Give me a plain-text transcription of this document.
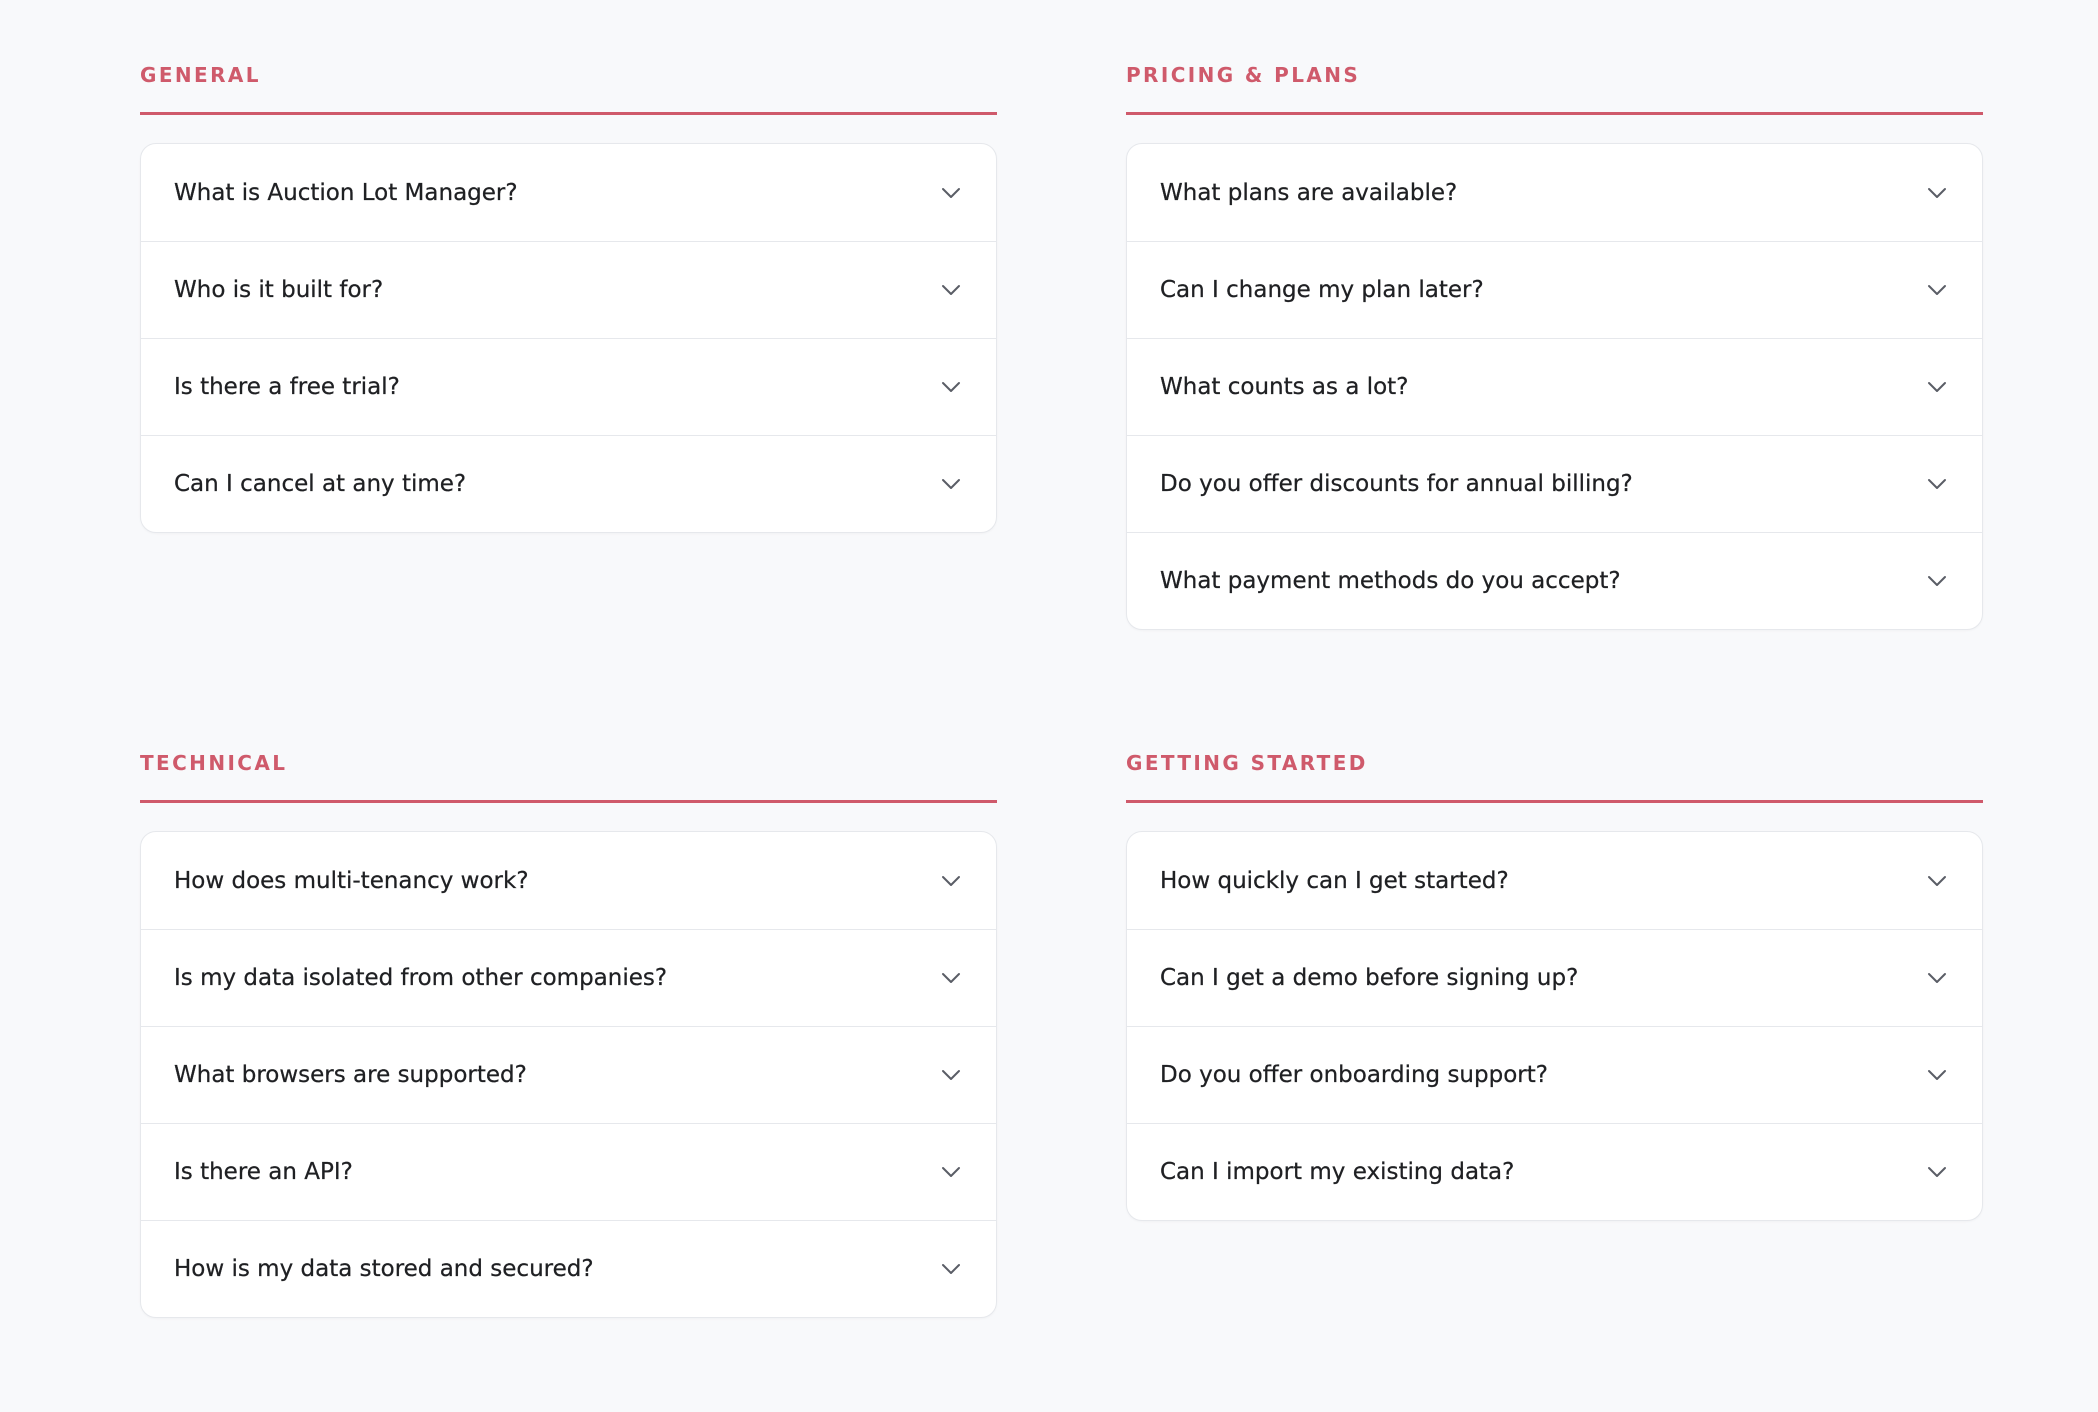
GENERAL
What is Auction Lot Manager?
Who is it built for?
Is there a free trial?
Can I cancel at any time?
PRICING & PLANS
What plans are available?
Can I change my plan later?
What counts as a lot?
Do you offer discounts for annual billing?
What payment methods do you accept?
TECHNICAL
How does multi-tenancy work?
Is my data isolated from other companies?
What browsers are supported?
Is there an API?
How is my data stored and secured?
GETTING STARTED
How quickly can I get started?
Can I get a demo before signing up?
Do you offer onboarding support?
Can I import my existing data?
